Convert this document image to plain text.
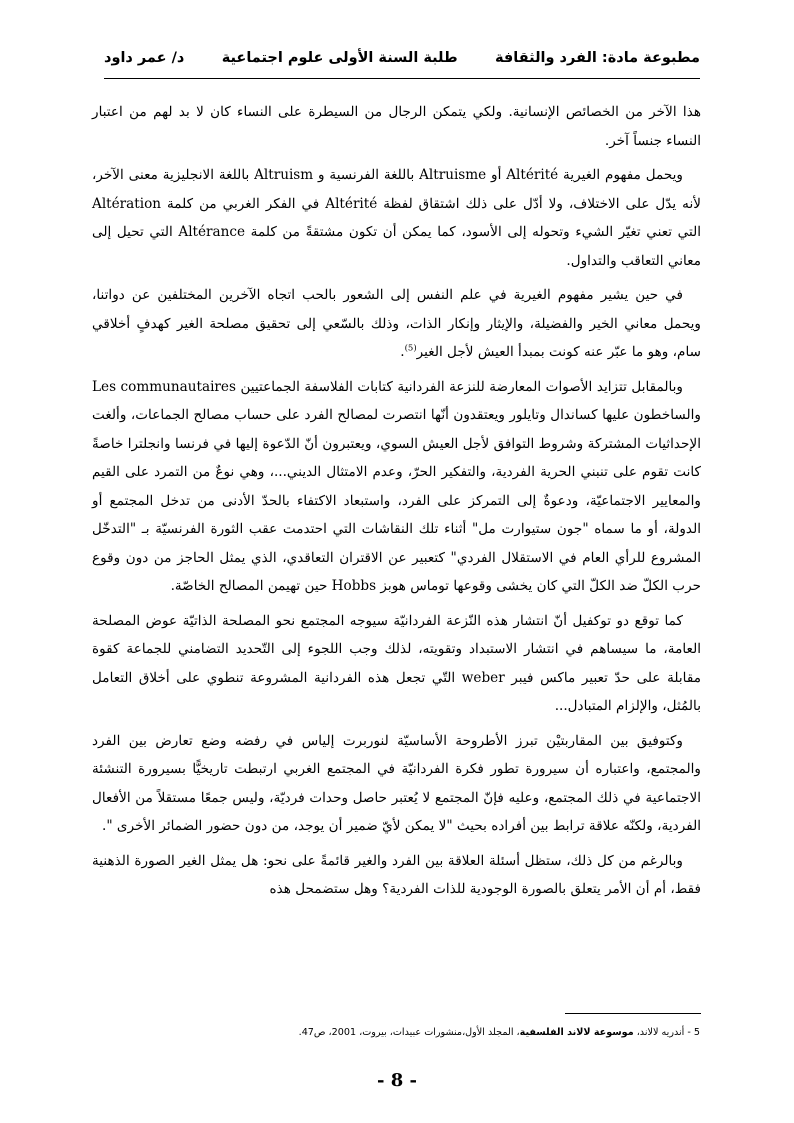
مطبوعة مادة: الفرد والثقافة
طلبة السنة الأولى علوم اجتماعية
د/ عمر داود

هذا الآخر من الخصائص الإنسانية. ولكي يتمكن الرجال من السيطرة على النساء كان لا بد لهم من اعتبار النساء جنساً آخر.

ويحمل مفهوم الغيرية Altérité أو Altruisme باللغة الفرنسية و Altruism باللغة الانجليزية معنى الآخر، لأنه يدّل على الاختلاف، ولا أدّل على ذلك اشتقاق لفظة Altérité في الفكر الغربي من كلمة Altération التي تعني تغيّر الشيء وتحوله إلى الأسود، كما يمكن أن تكون مشتقةً من كلمة Altérance التي تحيل إلى معاني التعاقب والتداول.

في حين يشير مفهوم الغيرية في علم النفس إلى الشعور بالحب اتجاه الآخرين المختلفين عن دواتنا، ويحمل معاني الخير والفضيلة، والإيثار وإنكار الذات، وذلك بالسّعي إلى تحقيق مصلحة الغير كهدفٍ أخلاقي سام، وهو ما عبّر عنه كونت بمبدأ العيش لأجل الغير$^{(5)}$.

وبالمقابل تتزايد الأصوات المعارضة للنزعة الفردانية كتابات الفلاسفة الجماعتيين Les communautaires والساخطون عليها كساندال وتايلور ويعتقدون أنّها انتصرت لمصالح الفرد على حساب مصالح الجماعات، وألغت الإحداثيات المشتركة وشروط التوافق لأجل العيش السوي، ويعتبرون أنّ الدّعوة إليها في فرنسا وانجلترا خاصةً كانت تقوم على تنبني الحرية الفردية، والتفكير الحرّ، وعدم الامتثال الديني...، وهي نوعٌ من التمرد على القيم والمعايير الاجتماعيّة، ودعوةٌ إلى التمركز على الفرد، واستبعاد الاكتفاء بالحدّ الأدنى من تدخل المجتمع أو الدولة، أو ما سماه "جون ستيوارت مل" أثناء تلك النقاشات التي احتدمت عقب الثورة الفرنسيّة بـ "التدخّل المشروع للرأي العام في الاستقلال الفردي" كتعبير عن الاقتران التعاقدي، الذي يمثل الحاجز من دون وقوع حرب الكلّ ضد الكلّ التي كان يخشى وقوعها توماس هوبز Hobbs حين تهيمن المصالح الخاصّة.

كما توقع دو توكفيل أنّ انتشار هذه النّزعة الفردانيّة سيوجه المجتمع نحو المصلحة الذاتيّة عوض المصلحة العامة، ما سيساهم في انتشار الاستبداد وتقويته، لذلك وجب اللجوء إلى التّحديد التضامني للجماعة كقوة مقابلة على حدّ تعبير ماكس فيبر weber التّي تجعل هذه الفردانية المشروعة تنطوي على أخلاق التعامل بالمُثل، والإلزام المتبادل...

وكتوفيق بين المقاربتيْن تبرز الأطروحة الأساسيّة لنوربرت إلياس في رفضه وضع تعارض بين الفرد والمجتمع، واعتباره أن سيرورة تطور فكرة الفردانيّة في المجتمع الغربي ارتبطت تاريخيًّا بسيرورة التنشئة الاجتماعية في ذلك المجتمع، وعليه فإنّ المجتمع لا يُعتبر حاصل وحدات فرديّة، وليس جمعًا مستقلاً من الأفعال الفردية، ولكنّه علاقة ترابط بين أفراده بحيث "لا يمكن لأيّ ضمير أن يوجد، من دون حضور الضمائر الأخرى ".

وبالرغم من كل ذلك، ستظل أسئلة العلاقة بين الفرد والغير قائمةً على نحو: هل يمثل الغير الصورة الذهنية فقط، أم أن الأمر يتعلق بالصورة الوجودية للذات الفردية؟ وهل ستضمحل هذه

5 - أندريه لالاند، موسوعة لالاند الفلسفية، المجلد الأول،منشورات عبيدات، بيروت، 2001، ص47.
- 8 -
